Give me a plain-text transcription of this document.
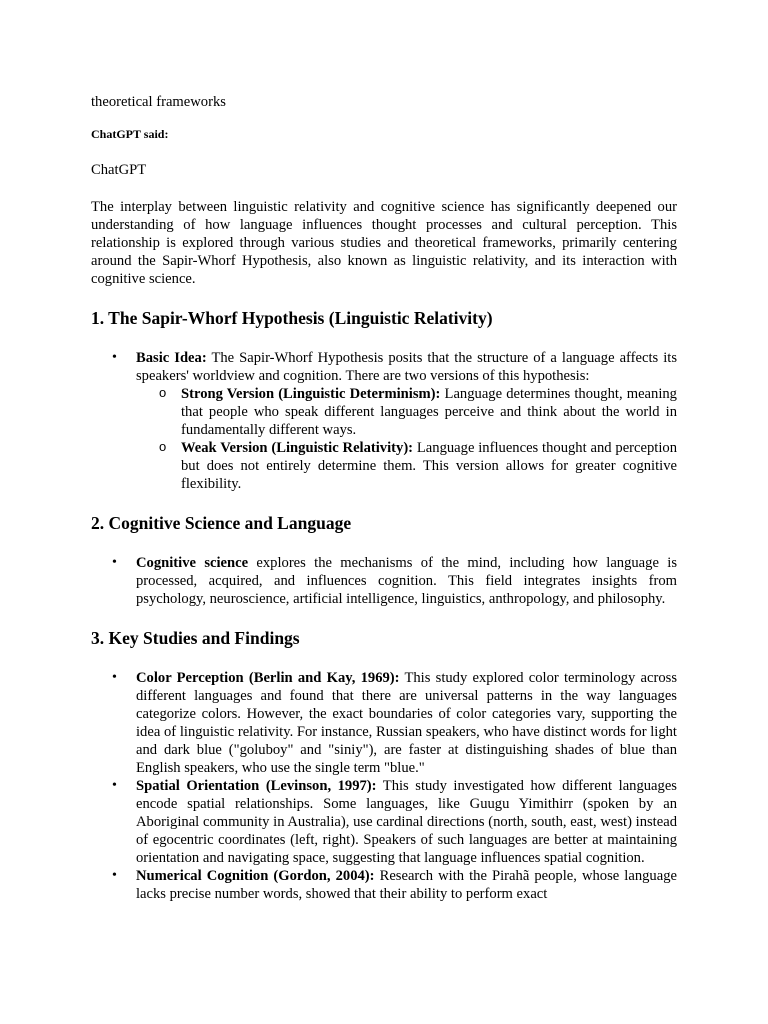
theoretical frameworks

ChatGPT said:

ChatGPT

The interplay between linguistic relativity and cognitive science has significantly deepened our understanding of how language influences thought processes and cultural perception. This relationship is explored through various studies and theoretical frameworks, primarily centering around the Sapir-Whorf Hypothesis, also known as linguistic relativity, and its interaction with cognitive science.

1. The Sapir-Whorf Hypothesis (Linguistic Relativity)
• Basic Idea: The Sapir-Whorf Hypothesis posits that the structure of a language affects its speakers' worldview and cognition. There are two versions of this hypothesis:
o Strong Version (Linguistic Determinism): Language determines thought, meaning that people who speak different languages perceive and think about the world in fundamentally different ways.
o Weak Version (Linguistic Relativity): Language influences thought and perception but does not entirely determine them. This version allows for greater cognitive flexibility.
2. Cognitive Science and Language
• Cognitive science explores the mechanisms of the mind, including how language is processed, acquired, and influences cognition. This field integrates insights from psychology, neuroscience, artificial intelligence, linguistics, anthropology, and philosophy.
3. Key Studies and Findings
• Color Perception (Berlin and Kay, 1969): This study explored color terminology across different languages and found that there are universal patterns in the way languages categorize colors. However, the exact boundaries of color categories vary, supporting the idea of linguistic relativity. For instance, Russian speakers, who have distinct words for light and dark blue ("goluboy" and "siniy"), are faster at distinguishing shades of blue than English speakers, who use the single term "blue."
• Spatial Orientation (Levinson, 1997): This study investigated how different languages encode spatial relationships. Some languages, like Guugu Yimithirr (spoken by an Aboriginal community in Australia), use cardinal directions (north, south, east, west) instead of egocentric coordinates (left, right). Speakers of such languages are better at maintaining orientation and navigating space, suggesting that language influences spatial cognition.
• Numerical Cognition (Gordon, 2004): Research with the Pirahã people, whose language lacks precise number words, showed that their ability to perform exact
